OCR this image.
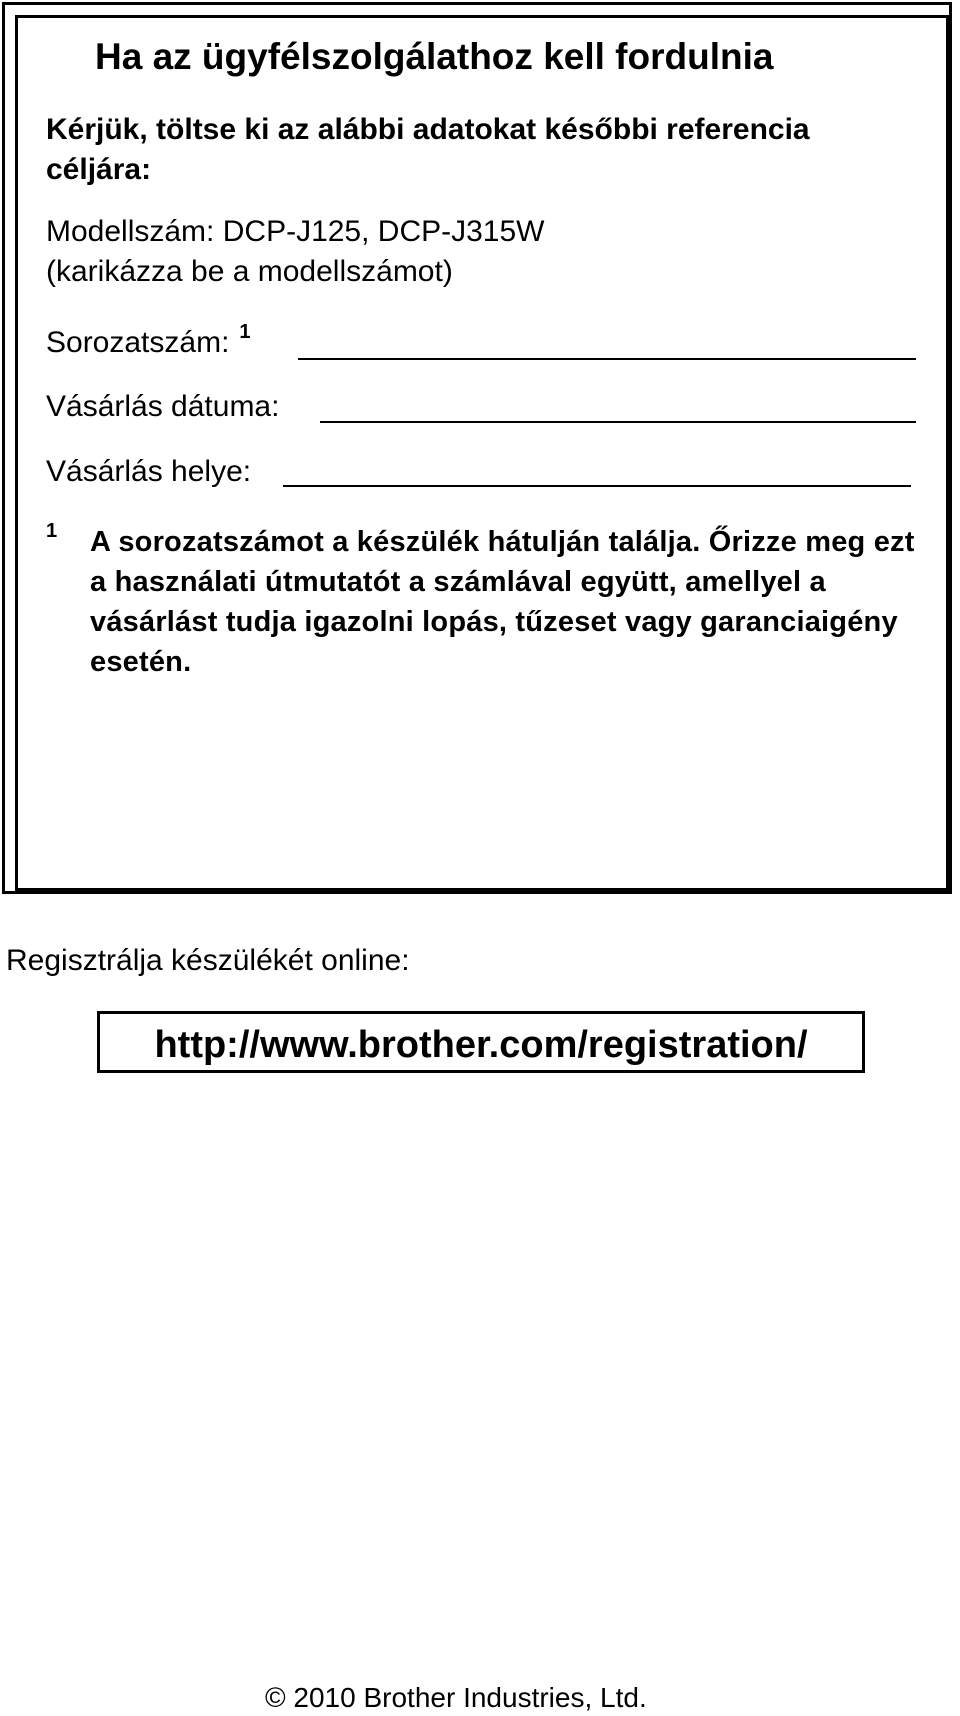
Ha az ügyfélszolgálathoz kell fordulnia
Kérjük, töltse ki az alábbi adatokat későbbi referencia céljára:
Modellszám: DCP-J125, DCP-J315W
(karikázza be a modellszámot)
Sorozatszám: $^1$
Vásárlás dátuma:
Vásárlás helye:
1 A sorozatszámot a készülék hátulján találja. Őrizze meg ezt a használati útmutatót a számlával együtt, amellyel a vásárlást tudja igazolni lopás, tűzeset vagy garanciaigény esetén.
Regisztrálja készülékét online:
http://www.brother.com/registration/
© 2010 Brother Industries, Ltd.
